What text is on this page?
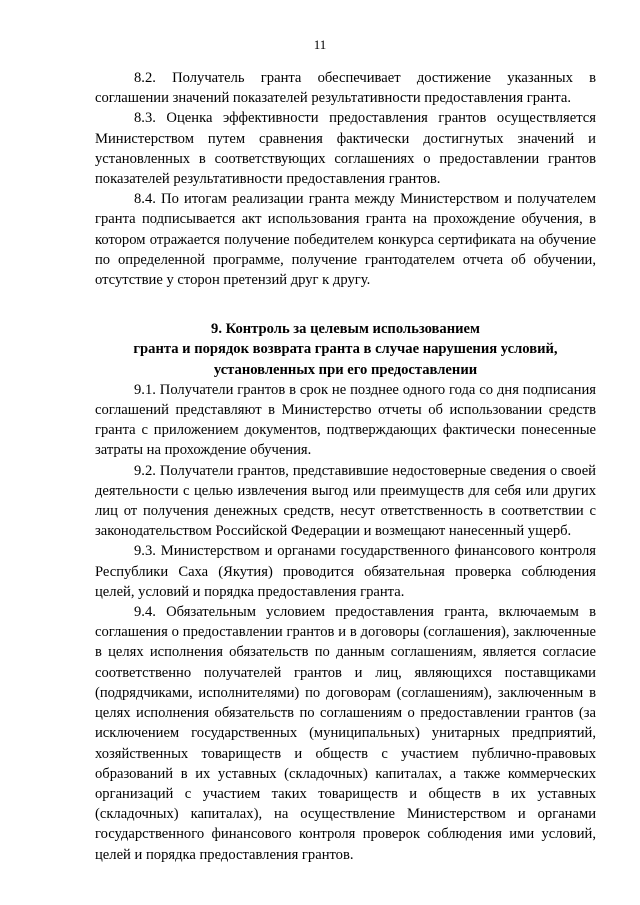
11

8.2. Получатель гранта обеспечивает достижение указанных в соглашении значений показателей результативности предоставления гранта.

8.3. Оценка эффективности предоставления грантов осуществляется Министерством путем сравнения фактически достигнутых значений и установленных в соответствующих соглашениях о предоставлении грантов показателей результативности предоставления грантов.

8.4. По итогам реализации гранта между Министерством и получателем гранта подписывается акт использования гранта на прохождение обучения, в котором отражается получение победителем конкурса сертификата на обучение по определенной программе, получение грантодателем отчета об обучении, отсутствие у сторон претензий друг к другу.

9. Контроль за целевым использованием
гранта и порядок возврата гранта в случае нарушения условий,
установленных при его предоставлении

9.1. Получатели грантов в срок не позднее одного года со дня подписания соглашений представляют в Министерство отчеты об использовании средств гранта с приложением документов, подтверждающих фактически понесенные затраты на прохождение обучения.

9.2. Получатели грантов, представившие недостоверные сведения о своей деятельности с целью извлечения выгод или преимуществ для себя или других лиц от получения денежных средств, несут ответственность в соответствии с законодательством Российской Федерации и возмещают нанесенный ущерб.

9.3. Министерством и органами государственного финансового контроля Республики Саха (Якутия) проводится обязательная проверка соблюдения целей, условий и порядка предоставления гранта.

9.4. Обязательным условием предоставления гранта, включаемым в соглашения о предоставлении грантов и в договоры (соглашения), заключенные в целях исполнения обязательств по данным соглашениям, является согласие соответственно получателей грантов и лиц, являющихся поставщиками (подрядчиками, исполнителями) по договорам (соглашениям), заключенным в целях исполнения обязательств по соглашениям о предоставлении грантов (за исключением государственных (муниципальных) унитарных предприятий, хозяйственных товариществ и обществ с участием публично-правовых образований в их уставных (складочных) капиталах, а также коммерческих организаций с участием таких товариществ и обществ в их уставных (складочных) капиталах), на осуществление Министерством и органами государственного финансового контроля проверок соблюдения ими условий, целей и порядка предоставления грантов.
